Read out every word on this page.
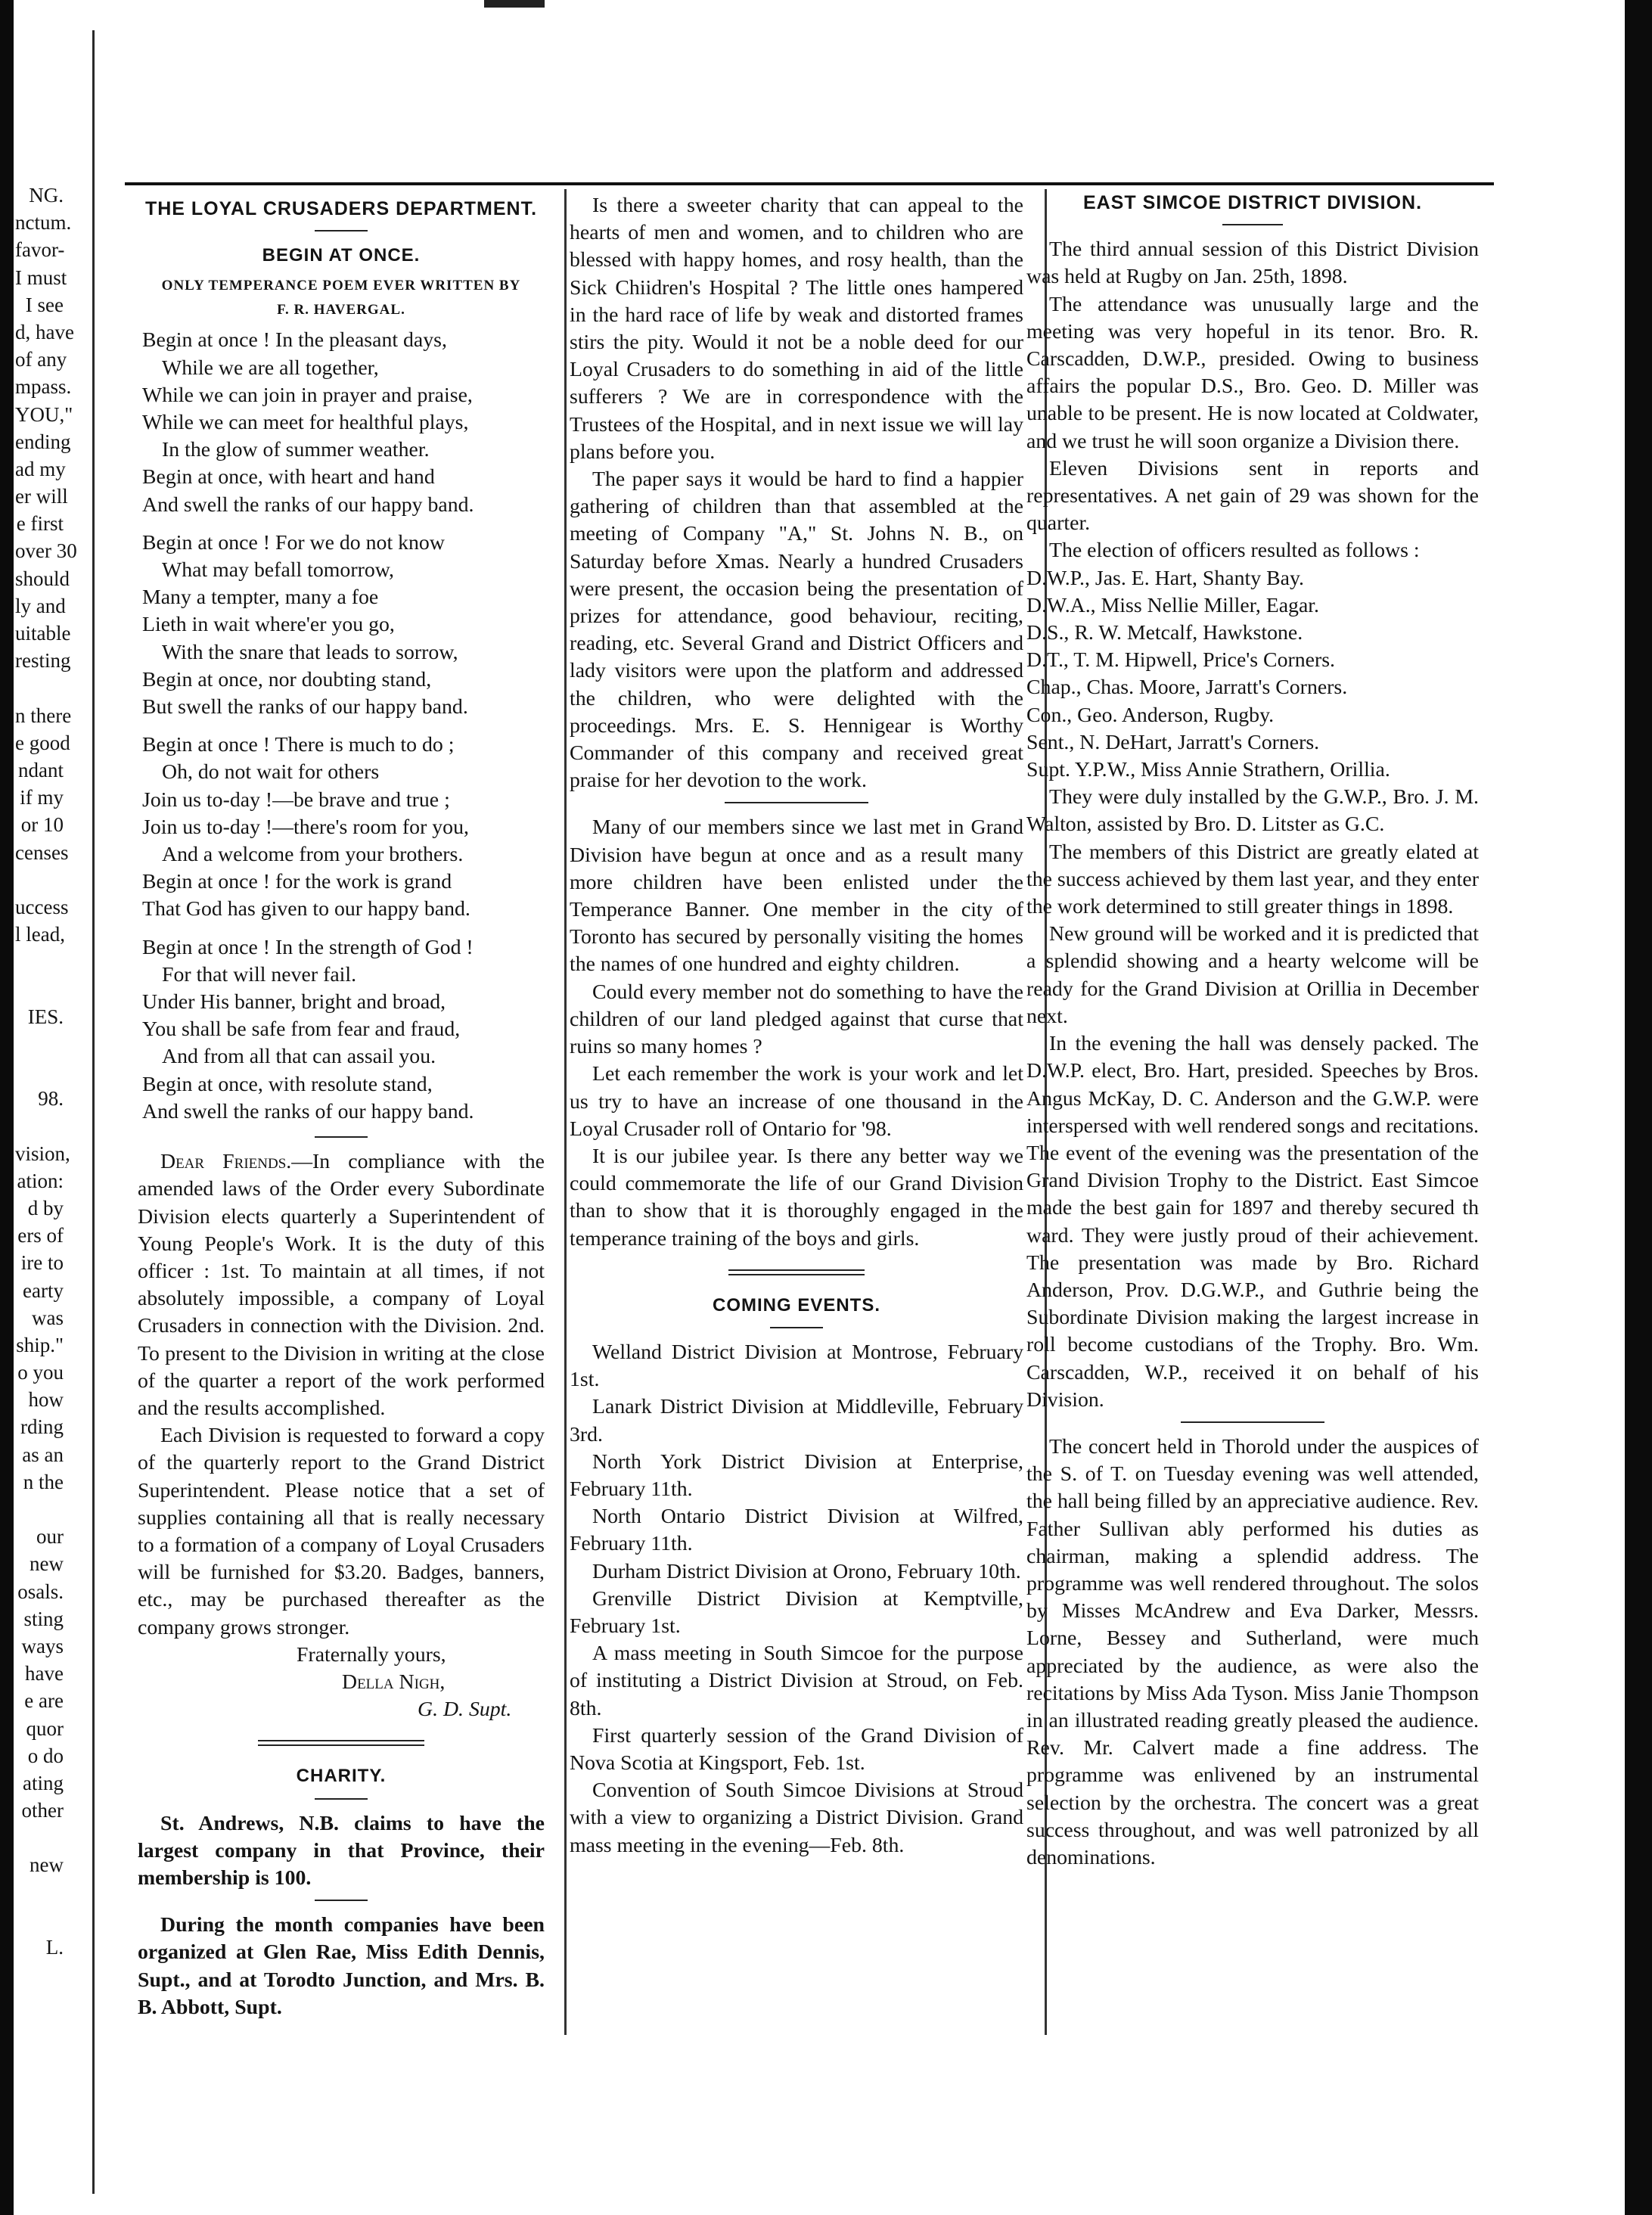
NG.
nctum.
favor-
I must
I see
d, have
of any
mpass.
YOU,"
ending
ad my
er will
e first
over 30
should
ly and
uitable
resting
n there
e good
ndant
if my
or 10
censes
uccess
l lead,
IES.
98.
vision,
ation:
d by
ers of
ire to
earty
was
ship."
o you
how
rding
as an
n the
our
new
osals.
sting
ways
have
e are
quor
o do
ating
other
new
L.

THE LOYAL CRUSADERS DEPARTMENT.

BEGIN AT ONCE.

ONLY TEMPERANCE POEM EVER WRITTEN BY

F. R. HAVERGAL.

Begin at once ! In the pleasant days,
While we are all together,
While we can join in prayer and praise,
While we can meet for healthful plays,
In the glow of summer weather.
Begin at once, with heart and hand
And swell the ranks of our happy band.
Begin at once ! For we do not know
What may befall tomorrow,
Many a tempter, many a foe
Lieth in wait where'er you go,
With the snare that leads to sorrow,
Begin at once, nor doubting stand,
But swell the ranks of our happy band.
Begin at once ! There is much to do ;
Oh, do not wait for others
Join us to-day !—be brave and true ;
Join us to-day !—there's room for you,
And a welcome from your brothers.
Begin at once ! for the work is grand
That God has given to our happy band.
Begin at once ! In the strength of God !
For that will never fail.
Under His banner, bright and broad,
You shall be safe from fear and fraud,
And from all that can assail you.
Begin at once, with resolute stand,
And swell the ranks of our happy band.

Dear Friends.—In compliance with the amended laws of the Order every Subordinate Division elects quarterly a Superintendent of Young People's Work. It is the duty of this officer : 1st. To maintain at all times, if not absolutely impossible, a company of Loyal Crusaders in connection with the Division. 2nd. To present to the Division in writing at the close of the quarter a report of the work performed and the results accomplished.

Each Division is requested to forward a copy of the quarterly report to the Grand District Superintendent. Please notice that a set of supplies containing all that is really necessary to a formation of a company of Loyal Crusaders will be furnished for $3.20. Badges, banners, etc., may be purchased thereafter as the company grows stronger.

Fraternally yours,

Della Nigh,

G. D. Supt.

CHARITY.

St. Andrews, N.B. claims to have the largest company in that Province, their membership is 100.

During the month companies have been organized at Glen Rae, Miss Edith Dennis, Supt., and at Torodto Junction, and Mrs. B. B. Abbott, Supt.

Is there a sweeter charity that can appeal to the hearts of men and women, and to children who are blessed with happy homes, and rosy health, than the Sick Chiidren's Hospital ? The little ones hampered in the hard race of life by weak and distorted frames stirs the pity. Would it not be a noble deed for our Loyal Crusaders to do something in aid of the little sufferers ? We are in correspondence with the Trustees of the Hospital, and in next issue we will lay plans before you.

The paper says it would be hard to find a happier gathering of children than that assembled at the meeting of Company "A," St. Johns N. B., on Saturday before Xmas. Nearly a hundred Crusaders were present, the occasion being the presentation of prizes for attendance, good behaviour, reciting, reading, etc. Several Grand and District Officers and lady visitors were upon the platform and addressed the children, who were delighted with the proceedings. Mrs. E. S. Hennigear is Worthy Commander of this company and received great praise for her devotion to the work.

Many of our members since we last met in Grand Division have begun at once and as a result many more children have been enlisted under the Temperance Banner. One member in the city of Toronto has secured by personally visiting the homes the names of one hundred and eighty children.

Could every member not do something to have the children of our land pledged against that curse that ruins so many homes ?

Let each remember the work is your work and let us try to have an increase of one thousand in the Loyal Crusader roll of Ontario for '98.

It is our jubilee year. Is there any better way we could commemorate the life of our Grand Division than to show that it is thoroughly engaged in the temperance training of the boys and girls.

COMING EVENTS.

Welland District Division at Montrose, February 1st.

Lanark District Division at Middleville, February 3rd.

North York District Division at Enterprise, February 11th.

North Ontario District Division at Wilfred, February 11th.

Durham District Division at Orono, February 10th.

Grenville District Division at Kemptville, February 1st.

A mass meeting in South Simcoe for the purpose of instituting a District Division at Stroud, on Feb. 8th.

First quarterly session of the Grand Division of Nova Scotia at Kingsport, Feb. 1st.

Convention of South Simcoe Divisions at Stroud with a view to organizing a District Division. Grand mass meeting in the evening—Feb. 8th.

EAST SIMCOE DISTRICT DIVISION.

The third annual session of this District Division was held at Rugby on Jan. 25th, 1898.

The attendance was unusually large and the meeting was very hopeful in its tenor. Bro. R. Carscadden, D.W.P., presided. Owing to business affairs the popular D.S., Bro. Geo. D. Miller was unable to be present. He is now located at Coldwater, and we trust he will soon organize a Division there.

Eleven Divisions sent in reports and representatives. A net gain of 29 was shown for the quarter.

The election of officers resulted as follows :

D.W.P., Jas. E. Hart, Shanty Bay.

D.W.A., Miss Nellie Miller, Eagar.

D.S., R. W. Metcalf, Hawkstone.

D.T., T. M. Hipwell, Price's Corners.

Chap., Chas. Moore, Jarratt's Corners.

Con., Geo. Anderson, Rugby.

Sent., N. DeHart, Jarratt's Corners.

Supt. Y.P.W., Miss Annie Strathern, Orillia.

They were duly installed by the G.W.P., Bro. J. M. Walton, assisted by Bro. D. Litster as G.C.

The members of this District are greatly elated at the success achieved by them last year, and they enter the work determined to still greater things in 1898.

New ground will be worked and it is predicted that a splendid showing and a hearty welcome will be ready for the Grand Division at Orillia in December next.

In the evening the hall was densely packed. The D.W.P. elect, Bro. Hart, presided. Speeches by Bros. Angus McKay, D. C. Anderson and the G.W.P. were interspersed with well rendered songs and recitations. The event of the evening was the presentation of the Grand Division Trophy to the District. East Simcoe made the best gain for 1897 and thereby secured th ward. They were justly proud of their achievement. The presentation was made by Bro. Richard Anderson, Prov. D.G.W.P., and Guthrie being the Subordinate Division making the largest increase in roll become custodians of the Trophy. Bro. Wm. Carscadden, W.P., received it on behalf of his Division.

The concert held in Thorold under the auspices of the S. of T. on Tuesday evening was well attended, the hall being filled by an appreciative audience. Rev. Father Sullivan ably performed his duties as chairman, making a splendid address. The programme was well rendered throughout. The solos by Misses McAndrew and Eva Darker, Messrs. Lorne, Bessey and Sutherland, were much appreciated by the audience, as were also the recitations by Miss Ada Tyson. Miss Janie Thompson in an illustrated reading greatly pleased the audience. Rev. Mr. Calvert made a fine address. The programme was enlivened by an instrumental selection by the orchestra. The concert was a great success throughout, and was well patronized by all denominations.
